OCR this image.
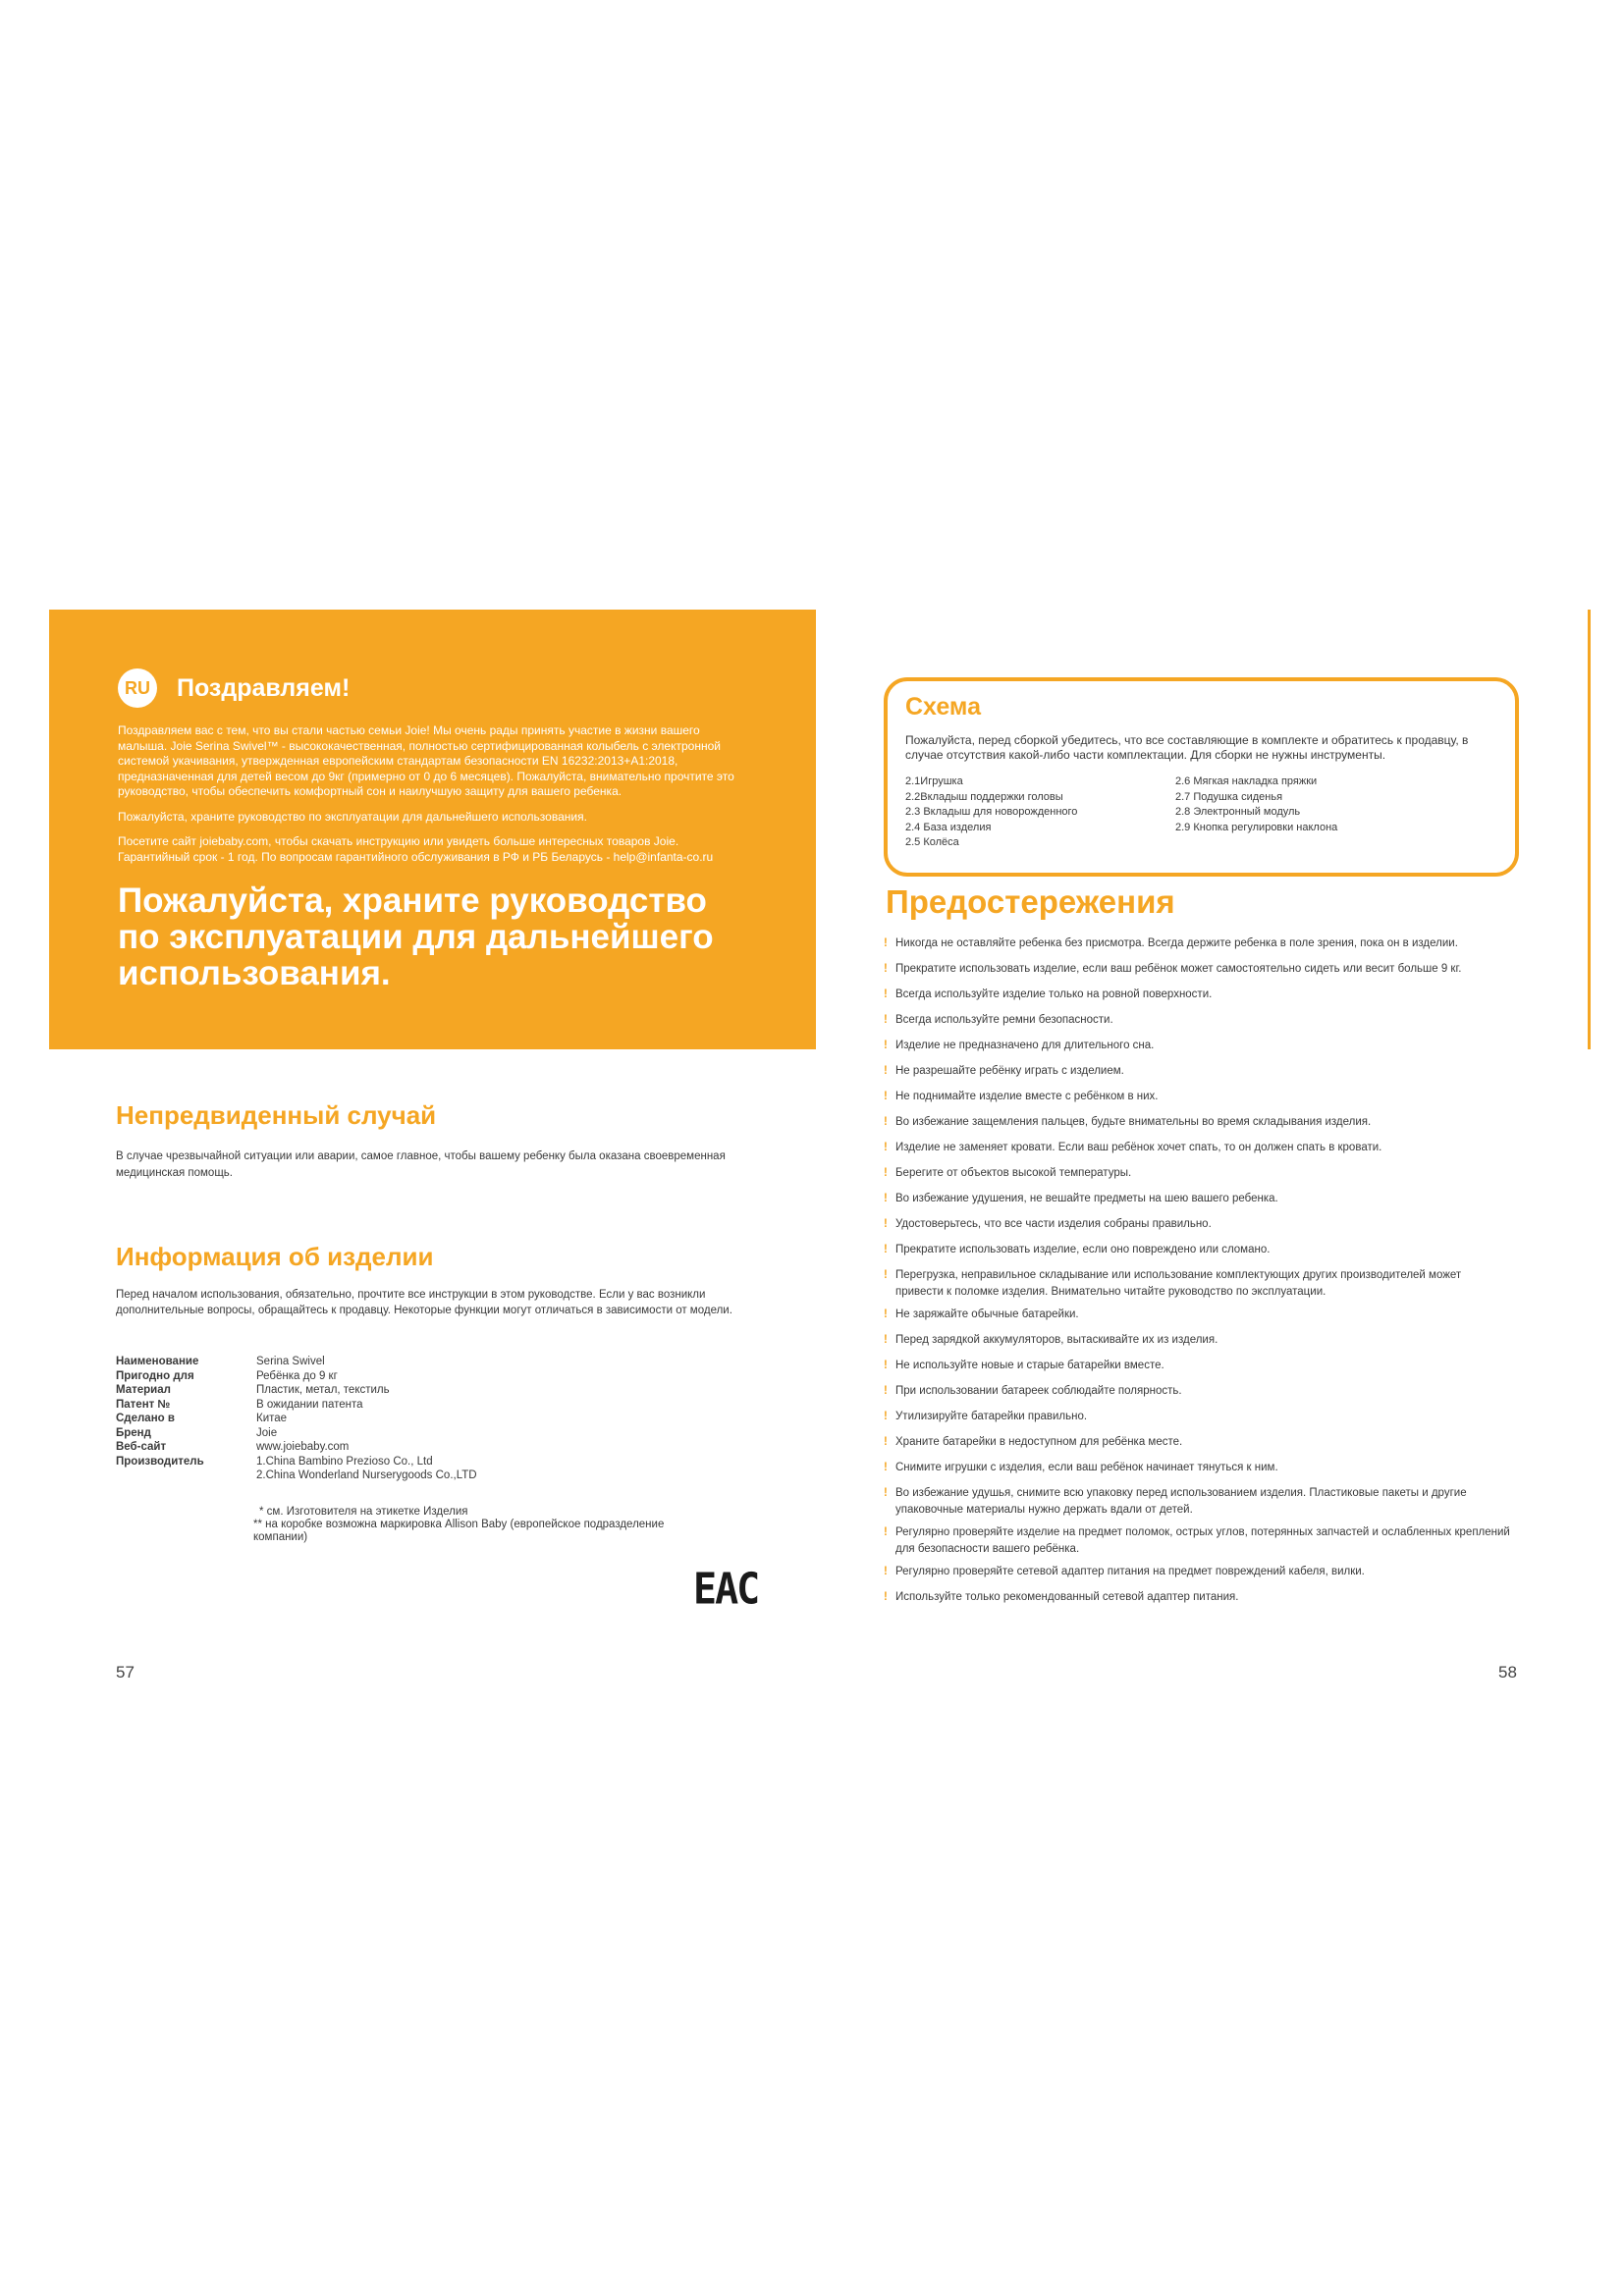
RU Поздравляем!

Поздравляем вас с тем, что вы стали частью семьи Joie! Мы очень рады принять участие в жизни вашего малыша. Joie Serina Swivel™ - высококачественная, полностью сертифицированная колыбель с электронной системой укачивания, утвержденная европейским стандартам безопасности EN 16232:2013+A1:2018, предназначенная для детей весом до 9кг (примерно от 0 до 6 месяцев). Пожалуйста, внимательно прочтите это руководство, чтобы обеспечить комфортный сон и наилучшую защиту для вашего ребенка.

Пожалуйста, храните руководство по эксплуатации для дальнейшего использования.

Посетите сайт joiebaby.com, чтобы скачать инструкцию или увидеть больше интересных товаров Joie. Гарантийный срок - 1 год. По вопросам гарантийного обслуживания в РФ и РБ Беларусь - help@infanta-co.ru

Пожалуйста, храните руководство по эксплуатации для дальнейшего использования.
Непредвиденный случай

В случае чрезвычайной ситуации или аварии, самое главное, чтобы вашему ребенку была оказана своевременная медицинская помощь.

Информация об изделии

Перед началом использования, обязательно, прочтите все инструкции в этом руководстве. Если у вас возникли дополнительные вопросы, обращайтесь к продавцу. Некоторые функции могут отличаться в зависимости от модели.

Наименование	Serina Swivel
Пригодно для	Ребёнка до 9 кг
Материал	Пластик, метал, текстиль
Патент №	В ожидании патента
Сделано в	Китае
Бренд	Joie
Веб-сайт	www.joiebaby.com
Производитель	1.China Bambino Prezioso Co., Ltd
2.China Wonderland Nurserygoods Co.,LTD
* см. Изготовителя на этикетке Изделия
** на коробке возможна маркировка Allison Baby (европейское подразделение компании)
EAC
57
Схема

Пожалуйста, перед сборкой убедитесь, что все составляющие в комплекте и обратитесь к продавцу, в случае отсутствия какой-либо части комплектации. Для сборки не нужны инструменты.

2.1Игрушка
2.2Вкладыш поддержки головы
2.3 Вкладыш для новорожденного
2.4 База изделия
2.5 Колёса
2.6 Мягкая накладка пряжки
2.7 Подушка сиденья
2.8 Электронный модуль
2.9 Кнопка регулировки наклона
Предостережения
! Никогда не оставляйте ребенка без присмотра. Всегда держите ребенка в поле зрения, пока он в изделии.
! Прекратите использовать изделие, если ваш ребёнок может самостоятельно сидеть или весит больше 9 кг.
! Всегда используйте изделие только на ровной поверхности.
! Всегда используйте ремни безопасности.
! Изделие не предназначено для длительного сна.
! Не разрешайте ребёнку играть с изделием.
! Не поднимайте изделие вместе с ребёнком в них.
! Во избежание защемления пальцев, будьте внимательны во время складывания изделия.
! Изделие не заменяет кровати. Если ваш ребёнок хочет спать, то он должен спать в кровати.
! Берегите от объектов высокой температуры.
! Во избежание удушения, не вешайте предметы на шею вашего ребенка.
! Удостоверьтесь, что все части изделия собраны правильно.
! Прекратите использовать изделие, если оно повреждено или сломано.
! Перегрузка, неправильное складывание или использование комплектующих других производителей может привести к поломке изделия. Внимательно читайте руководство по эксплуатации.
! Не заряжайте обычные батарейки.
! Перед зарядкой аккумуляторов, вытаскивайте их из изделия.
! Не используйте новые и старые батарейки вместе.
! При использовании батареек соблюдайте полярность.
! Утилизируйте батарейки правильно.
! Храните батарейки в недоступном для ребёнка месте.
! Снимите игрушки с изделия, если ваш ребёнок начинает тянуться к ним.
! Во избежание удушья, снимите всю упаковку перед использованием изделия. Пластиковые пакеты и другие упаковочные материалы нужно держать вдали от детей.
! Регулярно проверяйте изделие на предмет поломок, острых углов, потерянных запчастей и ослабленных креплений для безопасности вашего ребёнка.
! Регулярно проверяйте сетевой адаптер питания на предмет повреждений кабеля, вилки.
! Используйте только рекомендованный сетевой адаптер питания.
58
